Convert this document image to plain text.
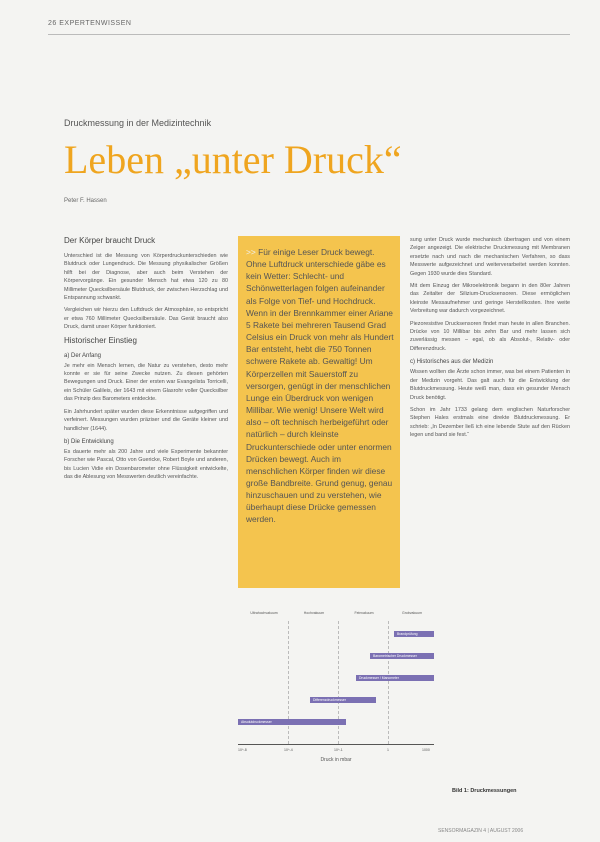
26 EXPERTENWISSEN
Druckmessung in der Medizintechnik
Leben „unter Druck“
Peter F. Hassen
Der Körper braucht Druck

Unterschied ist die Messung von Körperdruckunterschieden wie Blutdruck oder Lungendruck. Die Messung physikalischer Größen hilft bei der Diagnose, aber auch beim Verstehen der Körpervorgänge. Ein gesunder Mensch hat etwa 120 zu 80 Millimeter Quecksilbersäule Blutdruck, der zwischen Herzschlag und Entspannung schwankt.

Vergleichen wir hierzu den Luftdruck der Atmosphäre, so entspricht er etwa 760 Millimeter Quecksilbersäule. Das Gerät braucht also Druck, damit unser Körper funktioniert.

Historischer Einstieg
a) Der Anfang

Je mehr ein Mensch lernen, die Natur zu verstehen, desto mehr konnte er sie für seine Zwecke nutzen. Zu diesen gehörten Bewegungen und Druck. Einer der ersten war Evangelista Torricelli, ein Schüler Galileis, der 1643 mit einem Glasrohr voller Quecksilber das Prinzip des Barometers entdeckte.

Ein Jahrhundert später wurden diese Erkenntnisse aufgegriffen und verfeinert. Messungen wurden präziser und die Geräte kleiner und handlicher (1644).

b) Die Entwicklung

Es dauerte mehr als 200 Jahre und viele Experimente bekannter Forscher wie Pascal, Otto von Guericke, Robert Boyle und anderen, bis Lucien Vidie ein Dosenbarometer ohne Flüssigkeit entwickelte, das die Ablesung von Messwerten deutlich vereinfachte.

>> Für einige Leser Druck bewegt. Ohne Luftdruck unterschiede gäbe es kein Wetter: Schlecht- und Schönwetterlagen folgen aufeinander als Folge von Tief- und Hochdruck. Wenn in der Brennkammer einer Ariane 5 Rakete bei mehreren Tausend Grad Celsius ein Druck von mehr als Hundert Bar entsteht, hebt die 750 Tonnen schwere Rakete ab. Gewaltig! Um Körperzellen mit Sauerstoff zu versorgen, genügt in der menschlichen Lunge ein Überdruck von wenigen Millibar. Wie wenig! Unsere Welt wird also – oft technisch herbeigeführt oder natürlich – durch kleinste Druckunterschiede oder unter enormen Drücken bewegt. Auch im menschlichen Körper finden wir diese große Bandbreite. Grund genug, genau hinzuschauen und zu verstehen, wie überhaupt diese Drücke gemessen werden.

sung unter Druck wurde mechanisch übertragen und von einem Zeiger angezeigt. Die elektrische Druckmessung mit Membranen ersetzte nach und nach die mechanischen Verfahren, so dass Messwerte aufgezeichnet und weiterverarbeitet werden konnten. Gegen 1930 wurde dies Standard.

Mit dem Einzug der Mikroelektronik begann in den 80er Jahren das Zeitalter der Silizium-Drucksensoren. Diese ermöglichen kleinste Messaufnehmer und geringe Herstellkosten. Ihre weite Verbreitung war dadurch vorgezeichnet.

Piezoresistive Drucksensoren findet man heute in allen Branchen. Drücke von 10 Millibar bis zehn Bar und mehr lassen sich zuverlässig messen – egal, ob als Absolut-, Relativ- oder Differenzdruck.

c) Historisches aus der Medizin

Wissen wollten die Ärzte schon immer, was bei einem Patienten in der Medizin vorgeht. Das galt auch für die Entwicklung der Blutdruckmessung. Heute weiß man, dass ein gesunder Mensch Druck benötigt.

Schon im Jahr 1733 gelang dem englischen Naturforscher Stephen Hales erstmals eine direkte Blutdruckmessung. Er schrieb: „In Dezember ließ ich eine lebende Stute auf den Rücken legen und band sie fest.“

Ultrahochvakuum	Hochvakuum	Feinvakuum	Grobvakuum
Brandprüfung
Barometrischer Druckmesser
Druckmesser / Manometer
Differenzdruckmesser
Absolutdruckmesser
10^-8	10^-4	10^-1	1	1000
Druck in mbar
Bild 1: Druckmessungen
SENSORMAGAZIN 4 | AUGUST 2006
